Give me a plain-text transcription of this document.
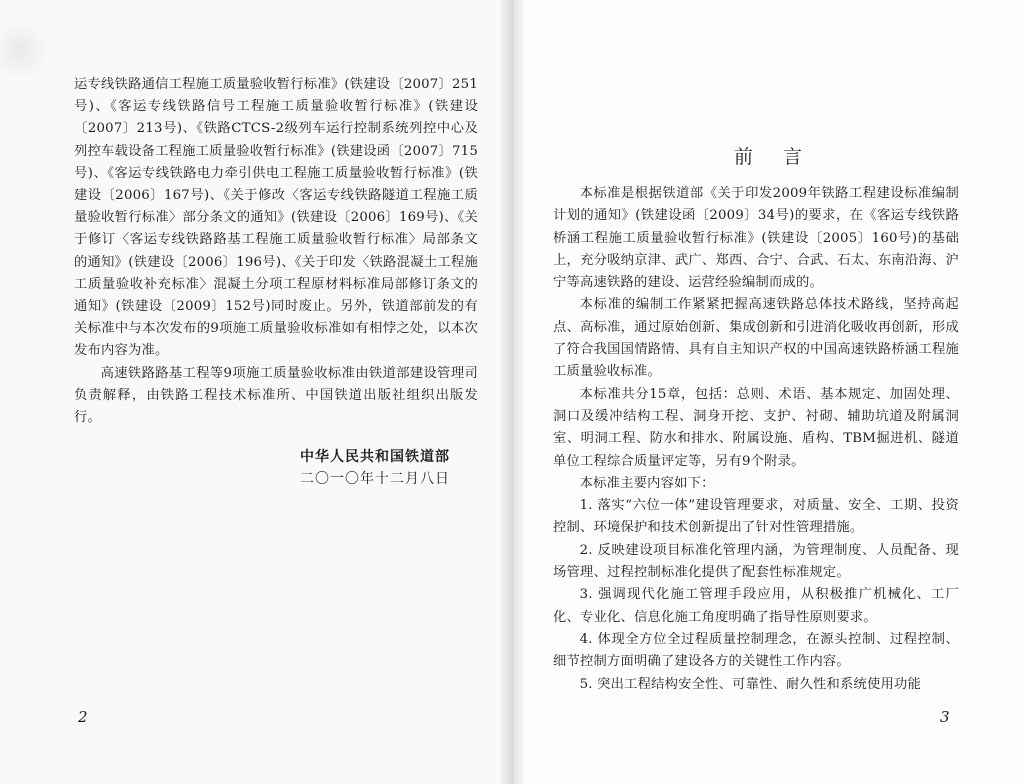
运专线铁路通信工程施工质量验收暂行标准》(铁建设〔2007〕251号)、《客运专线铁路信号工程施工质量验收暂行标准》(铁建设〔2007〕213号)、《铁路CTCS-2级列车运行控制系统列控中心及列控车载设备工程施工质量验收暂行标准》(铁建设函〔2007〕715号)、《客运专线铁路电力牵引供电工程施工质量验收暂行标准》(铁建设〔2006〕167号)、《关于修改〈客运专线铁路隧道工程施工质量验收暂行标准〉部分条文的通知》(铁建设〔2006〕169号)、《关于修订〈客运专线铁路路基工程施工质量验收暂行标准〉局部条文的通知》(铁建设〔2006〕196号)、《关于印发〈铁路混凝土工程施工质量验收补充标准〉混凝土分项工程原材料标准局部修订条文的通知》(铁建设〔2009〕152号)同时废止。另外，铁道部前发的有关标准中与本次发布的9项施工质量验收标准如有相悖之处，以本次发布内容为准。

高速铁路路基工程等9项施工质量验收标准由铁道部建设管理司负责解释，由铁路工程技术标准所、中国铁道出版社组织出版发行。

中华人民共和国铁道部
二〇一〇年十二月八日
2
前言

本标准是根据铁道部《关于印发2009年铁路工程建设标准编制计划的通知》(铁建设函〔2009〕34号)的要求，在《客运专线铁路桥涵工程施工质量验收暂行标准》(铁建设〔2005〕160号)的基础上，充分吸纳京津、武广、郑西、合宁、合武、石太、东南沿海、沪宁等高速铁路的建设、运营经验编制而成的。

本标准的编制工作紧紧把握高速铁路总体技术路线，坚持高起点、高标准，通过原始创新、集成创新和引进消化吸收再创新，形成了符合我国国情路情、具有自主知识产权的中国高速铁路桥涵工程施工质量验收标准。

本标准共分15章，包括：总则、术语、基本规定、加固处理、洞口及缓冲结构工程、洞身开挖、支护、衬砌、辅助坑道及附属洞室、明洞工程、防水和排水、附属设施、盾构、TBM掘进机、隧道单位工程综合质量评定等，另有9个附录。

本标准主要内容如下：

1. 落实“六位一体”建设管理要求，对质量、安全、工期、投资控制、环境保护和技术创新提出了针对性管理措施。

2. 反映建设项目标准化管理内涵，为管理制度、人员配备、现场管理、过程控制标准化提供了配套性标准规定。

3. 强调现代化施工管理手段应用，从积极推广机械化、工厂化、专业化、信息化施工角度明确了指导性原则要求。

4. 体现全方位全过程质量控制理念，在源头控制、过程控制、细节控制方面明确了建设各方的关键性工作内容。

5. 突出工程结构安全性、可靠性、耐久性和系统使用功能

3
